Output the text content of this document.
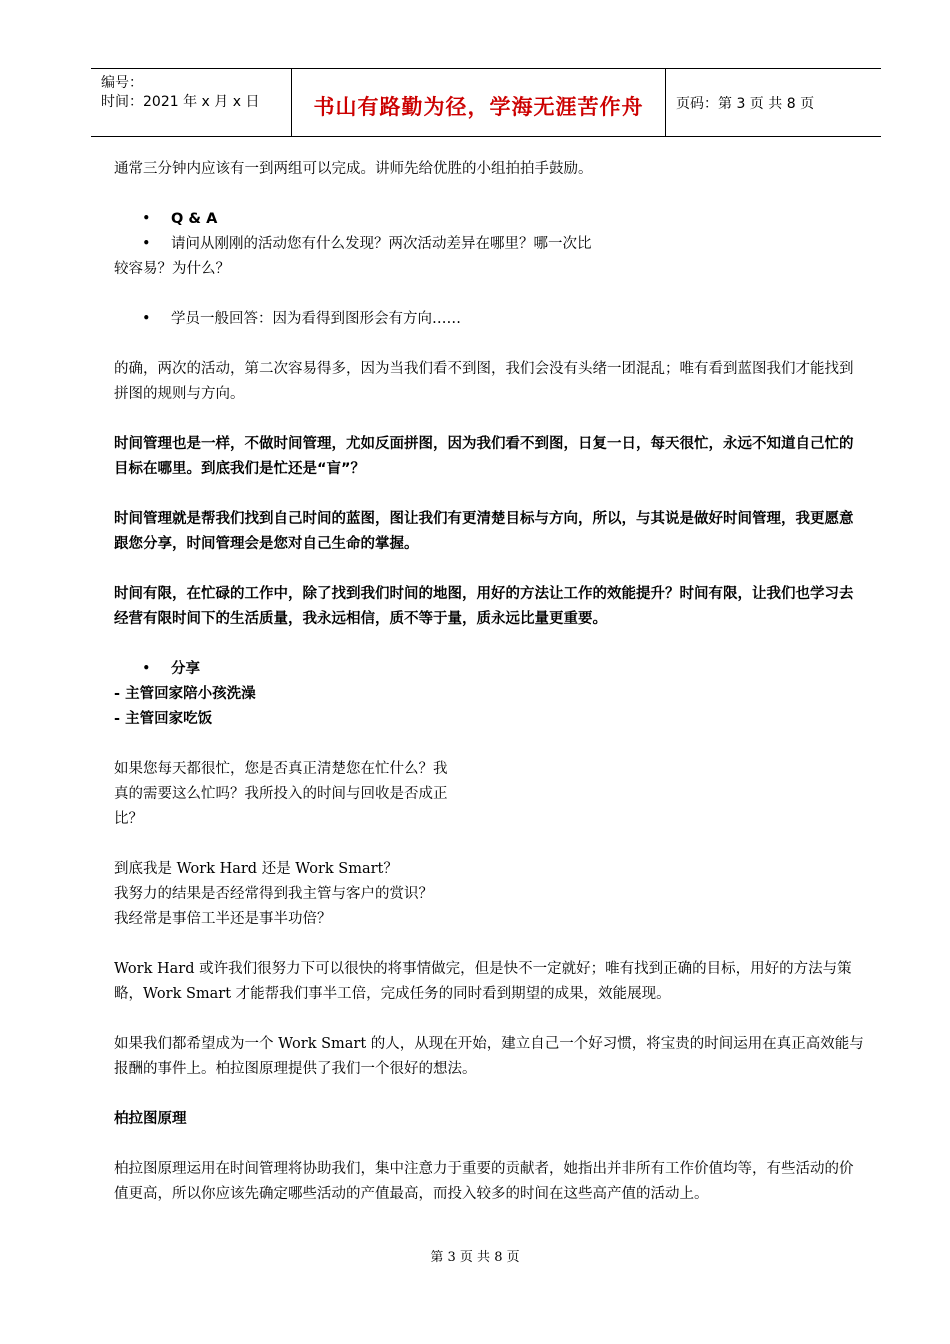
编号：
时间：2021 年 x 月 x 日	书山有路勤为径，学海无涯苦作舟	页码：第 3 页 共 8 页

通常三分钟内应该有一到两组可以完成。讲师先给优胜的小组拍拍手鼓励。

• Q & A

• 请问从刚刚的活动您有什么发现？两次活动差异在哪里？哪一次比

较容易？为什么？

• 学员一般回答：因为看得到图形会有方向……

的确，两次的活动，第二次容易得多，因为当我们看不到图，我们会没有头绪一团混乱；唯有看到蓝图我们才能找到拼图的规则与方向。

时间管理也是一样，不做时间管理，尤如反面拼图，因为我们看不到图，日复一日，每天很忙，永远不知道自己忙的目标在哪里。到底我们是忙还是“盲”？

时间管理就是帮我们找到自己时间的蓝图，图让我们有更清楚目标与方向，所以，与其说是做好时间管理，我更愿意跟您分享，时间管理会是您对自己生命的掌握。

时间有限，在忙碌的工作中，除了找到我们时间的地图，用好的方法让工作的效能提升？时间有限，让我们也学习去经营有限时间下的生活质量，我永远相信，质不等于量，质永远比量更重要。

• 分享

- 主管回家陪小孩洗澡

- 主管回家吃饭

如果您每天都很忙，您是否真正清楚您在忙什么？我真的需要这么忙吗？我所投入的时间与回收是否成正比？

到底我是 Work Hard 还是 Work Smart？

我努力的结果是否经常得到我主管与客户的赏识？

我经常是事倍工半还是事半功倍？

Work Hard 或许我们很努力下可以很快的将事情做完，但是快不一定就好；唯有找到正确的目标，用好的方法与策略，Work Smart 才能帮我们事半工倍，完成任务的同时看到期望的成果，效能展现。

如果我们都希望成为一个 Work Smart 的人，从现在开始，建立自己一个好习惯，将宝贵的时间运用在真正高效能与报酬的事件上。柏拉图原理提供了我们一个很好的想法。

柏拉图原理

柏拉图原理运用在时间管理将协助我们，集中注意力于重要的贡献者，她指出并非所有工作价值均等，有些活动的价值更高，所以你应该先确定哪些活动的产值最高，而投入较多的时间在这些高产值的活动上。

第 3 页 共 8 页
